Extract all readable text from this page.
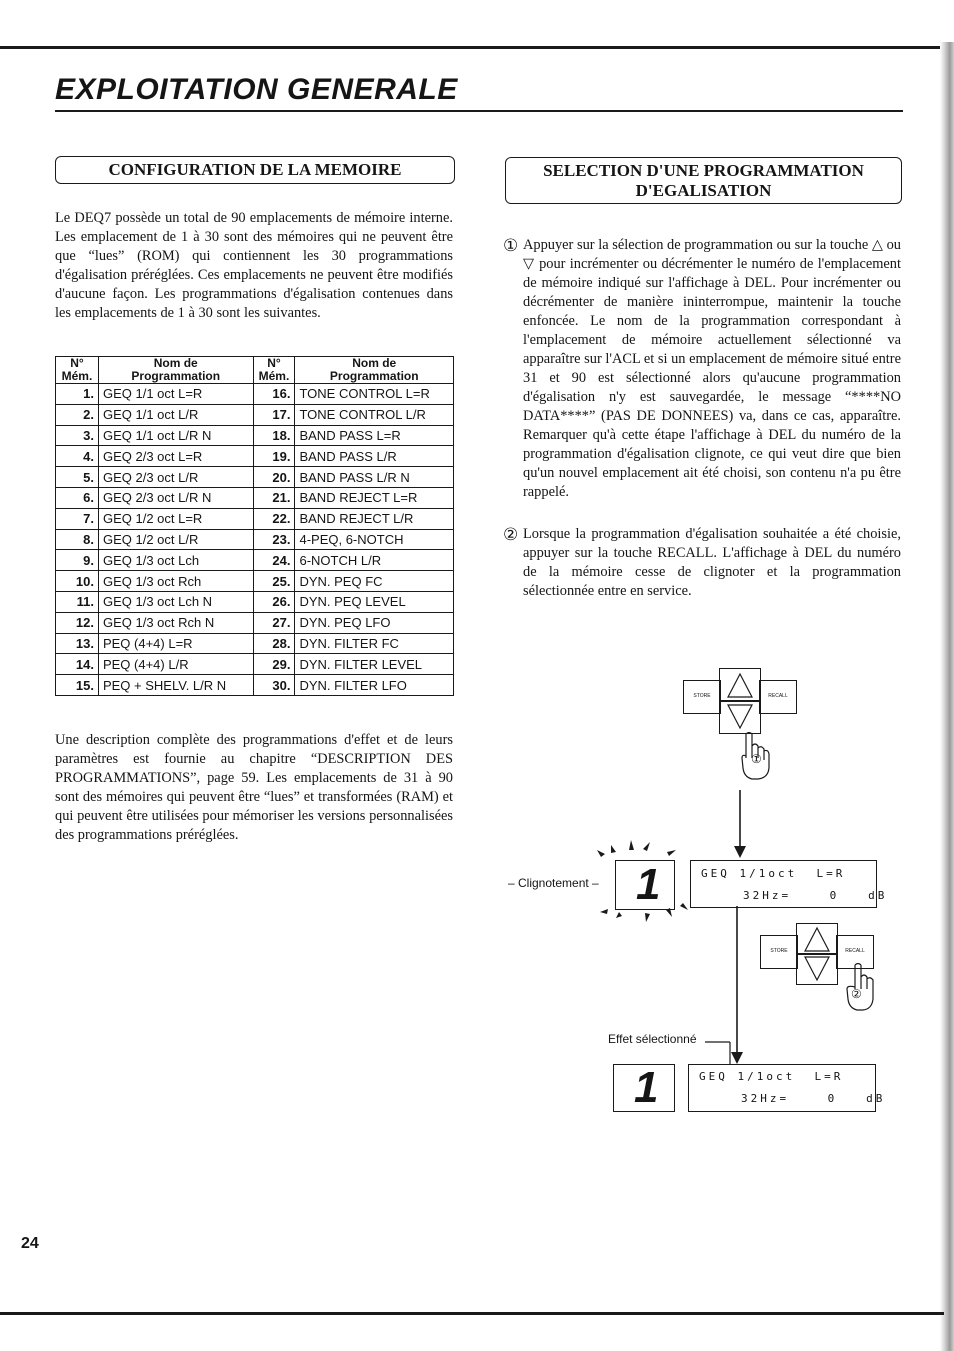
EXPLOITATION GENERALE
CONFIGURATION DE LA MEMOIRE
Le DEQ7 possède un total de 90 emplacements de mémoire interne. Les emplacement de 1 à 30 sont des mémoires qui ne peuvent être que “lues” (ROM) qui contiennent les 30 programmations d'égalisation préréglées. Ces emplacements ne peuvent être modifiés d'aucune façon. Les programmations d'égalisation contenues dans les emplacements de 1 à 30 sont les suivantes.
N°
Mém.	Nom de
Programmation	N°
Mém.	Nom de
Programmation
1.	GEQ 1/1 oct L=R	16.	TONE CONTROL L=R
2.	GEQ 1/1 oct L/R	17.	TONE CONTROL L/R
3.	GEQ 1/1 oct L/R N	18.	BAND PASS L=R
4.	GEQ 2/3 oct L=R	19.	BAND PASS L/R
5.	GEQ 2/3 oct L/R	20.	BAND PASS L/R N
6.	GEQ 2/3 oct L/R N	21.	BAND REJECT L=R
7.	GEQ 1/2 oct L=R	22.	BAND REJECT L/R
8.	GEQ 1/2 oct L/R	23.	4-PEQ, 6-NOTCH
9.	GEQ 1/3 oct Lch	24.	6-NOTCH L/R
10.	GEQ 1/3 oct Rch	25.	DYN. PEQ FC
11.	GEQ 1/3 oct Lch N	26.	DYN. PEQ LEVEL
12.	GEQ 1/3 oct Rch N	27.	DYN. PEQ LFO
13.	PEQ (4+4) L=R	28.	DYN. FILTER FC
14.	PEQ (4+4) L/R	29.	DYN. FILTER LEVEL
15.	PEQ + SHELV. L/R N	30.	DYN. FILTER LFO
Une description complète des programmations d'effet et de leurs paramètres est fournie au chapitre “DESCRIPTION DES PROGRAMMATIONS”, page 59. Les emplacements de 31 à 90 sont des mémoires qui peuvent être “lues” et transformées (RAM) et qui peuvent être utilisées pour mémoriser les versions personnalisées des programmations préréglées.
SELECTION D'UNE PROGRAMMATION D'EGALISATION
① Appuyer sur la sélection de programmation ou sur la touche △ ou ▽ pour incrémenter ou décrémenter le numéro de l'emplacement de mémoire indiqué sur l'affichage à DEL. Pour incrémenter ou décrémenter de manière ininterrompue, maintenir la touche enfoncée. Le nom de la programmation correspondant à l'emplacement de mémoire actuellement sélectionné va apparaître sur l'ACL et si un emplacement de mémoire situé entre 31 et 90 est sélectionné alors qu'aucune programmation d'égalisation n'y est sauvegardée, le message “****NO DATA****” (PAS DE DONNEES) va, dans ce cas, apparaître. Remarquer qu'à cette étape l'affichage à DEL du numéro de la programmation d'égalisation clignote, ce qui veut dire que bien qu'un nouvel emplacement ait été choisi, son contenu n'a pu être rappelé.
② Lorsque la programmation d'égalisation souhaitée a été choisie, appuyer sur la touche RECALL. L'affichage à DEL du numéro de la mémoire cesse de clignoter et la programmation sélectionnée entre en service.
STORE	RECALL
①
– Clignotement – 1	GEQ 1/1oct  L=R
32Hz=    0   dB
STORE	RECALL
②
Effet sélectionné
1	GEQ 1/1oct  L=R
32Hz=    0   dB
24
